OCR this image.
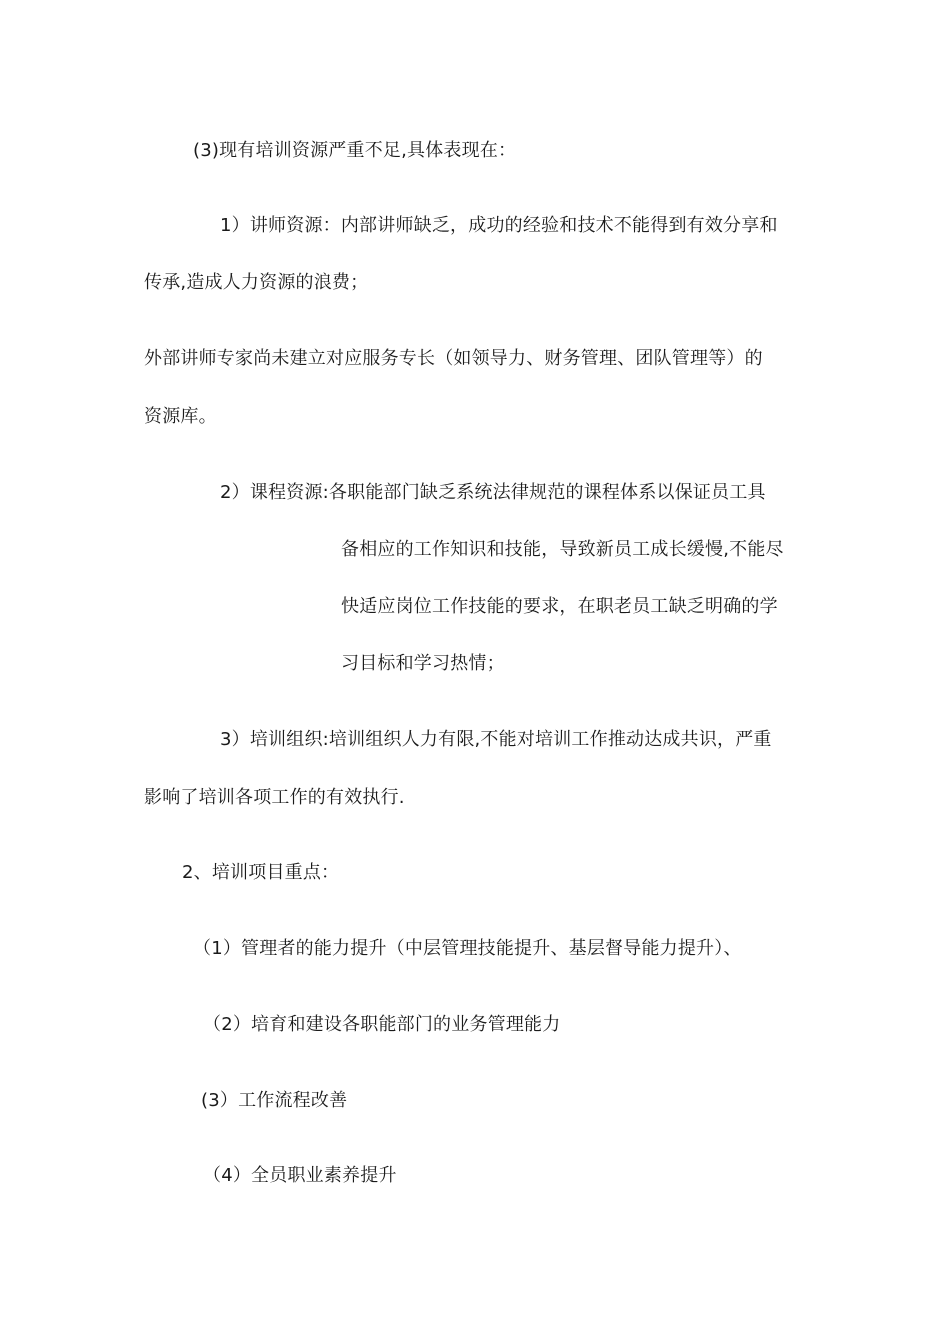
(3)现有培训资源严重不足,具体表现在：
1）讲师资源：内部讲师缺乏，成功的经验和技术不能得到有效分享和
传承,造成人力资源的浪费；
外部讲师专家尚未建立对应服务专长（如领导力、财务管理、团队管理等）的
资源库。
2）课程资源:各职能部门缺乏系统法律规范的课程体系以保证员工具
备相应的工作知识和技能，导致新员工成长缓慢,不能尽
快适应岗位工作技能的要求，在职老员工缺乏明确的学
习目标和学习热情；
3）培训组织:培训组织人力有限,不能对培训工作推动达成共识，严重
影响了培训各项工作的有效执行.
2、培训项目重点：
（1）管理者的能力提升（中层管理技能提升、基层督导能力提升）、
（2）培育和建设各职能部门的业务管理能力
(3）工作流程改善
（4）全员职业素养提升
